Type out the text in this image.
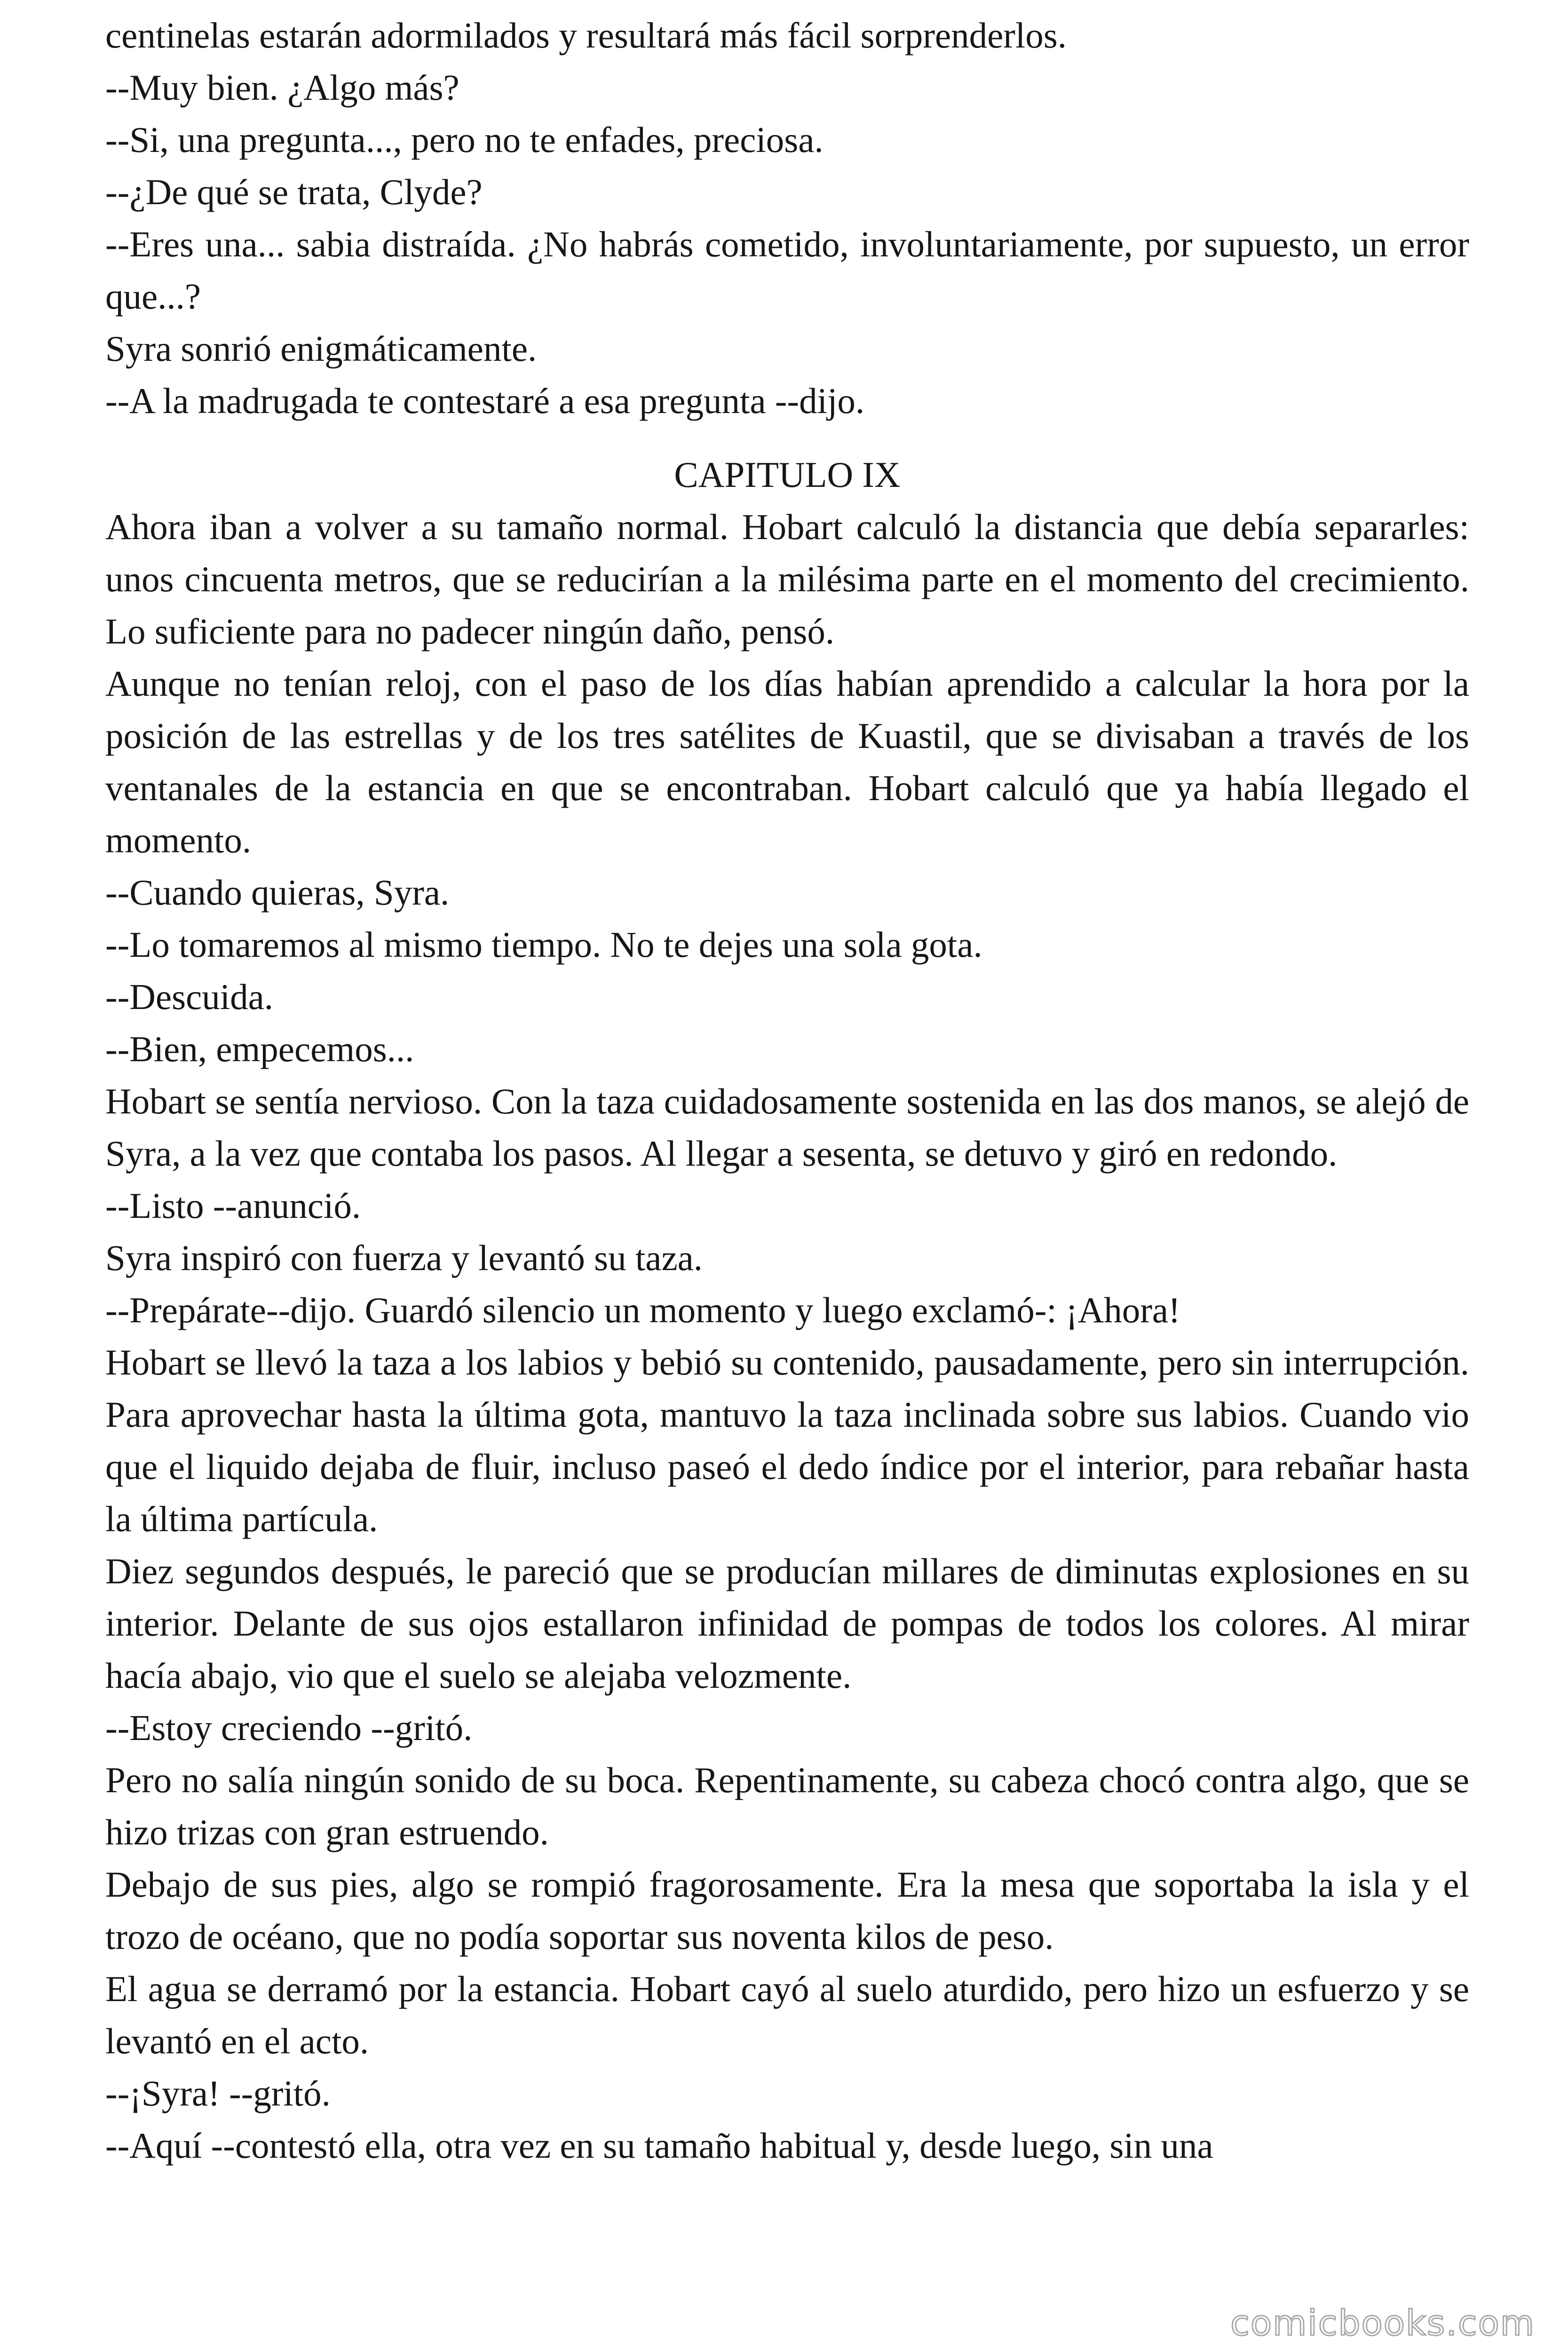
centinelas estarán adormilados y resultará más fácil sorprenderlos.

--Muy bien. ¿Algo más?

--Si, una pregunta..., pero no te enfades, preciosa.

--¿De qué se trata, Clyde?

--Eres una... sabia distraída. ¿No habrás cometido, involuntariamente, por supuesto, un error que...?

Syra sonrió enigmáticamente.

--A la madrugada te contestaré a esa pregunta --dijo.

CAPITULO IX

Ahora iban a volver a su tamaño normal. Hobart calculó la distancia que debía separarles: unos cincuenta metros, que se reducirían a la milésima parte en el momento del crecimiento. Lo suficiente para no padecer ningún daño, pensó.

Aunque no tenían reloj, con el paso de los días habían aprendido a calcular la hora por la posición de las estrellas y de los tres satélites de Kuastil, que se divisaban a través de los ventanales de la estancia en que se encontraban. Hobart calculó que ya había llegado el momento.

--Cuando quieras, Syra.

--Lo tomaremos al mismo tiempo. No te dejes una sola gota.

--Descuida.

--Bien, empecemos...

Hobart se sentía nervioso. Con la taza cuidadosamente sostenida en las dos manos, se alejó de Syra, a la vez que contaba los pasos. Al llegar a sesenta, se detuvo y giró en redondo.

--Listo --anunció.

Syra inspiró con fuerza y levantó su taza.

--Prepárate--dijo. Guardó silencio un momento y luego exclamó-: ¡Ahora!

Hobart se llevó la taza a los labios y bebió su contenido, pausadamente, pero sin interrupción. Para aprovechar hasta la última gota, mantuvo la taza inclinada sobre sus labios. Cuando vio que el liquido dejaba de fluir, incluso paseó el dedo índice por el interior, para rebañar hasta la última partícula.

Diez segundos después, le pareció que se producían millares de diminutas explosiones en su interior. Delante de sus ojos estallaron infinidad de pompas de todos los colores. Al mirar hacía abajo, vio que el suelo se alejaba velozmente.

--Estoy creciendo --gritó.

Pero no salía ningún sonido de su boca. Repentinamente, su cabeza chocó contra algo, que se hizo trizas con gran estruendo.

Debajo de sus pies, algo se rompió fragorosamente. Era la mesa que soportaba la isla y el trozo de océano, que no podía soportar sus noventa kilos de peso.

El agua se derramó por la estancia. Hobart cayó al suelo aturdido, pero hizo un esfuerzo y se levantó en el acto.

--¡Syra! --gritó.

--Aquí --contestó ella, otra vez en su tamaño habitual y, desde luego, sin una

comicbooks.com
